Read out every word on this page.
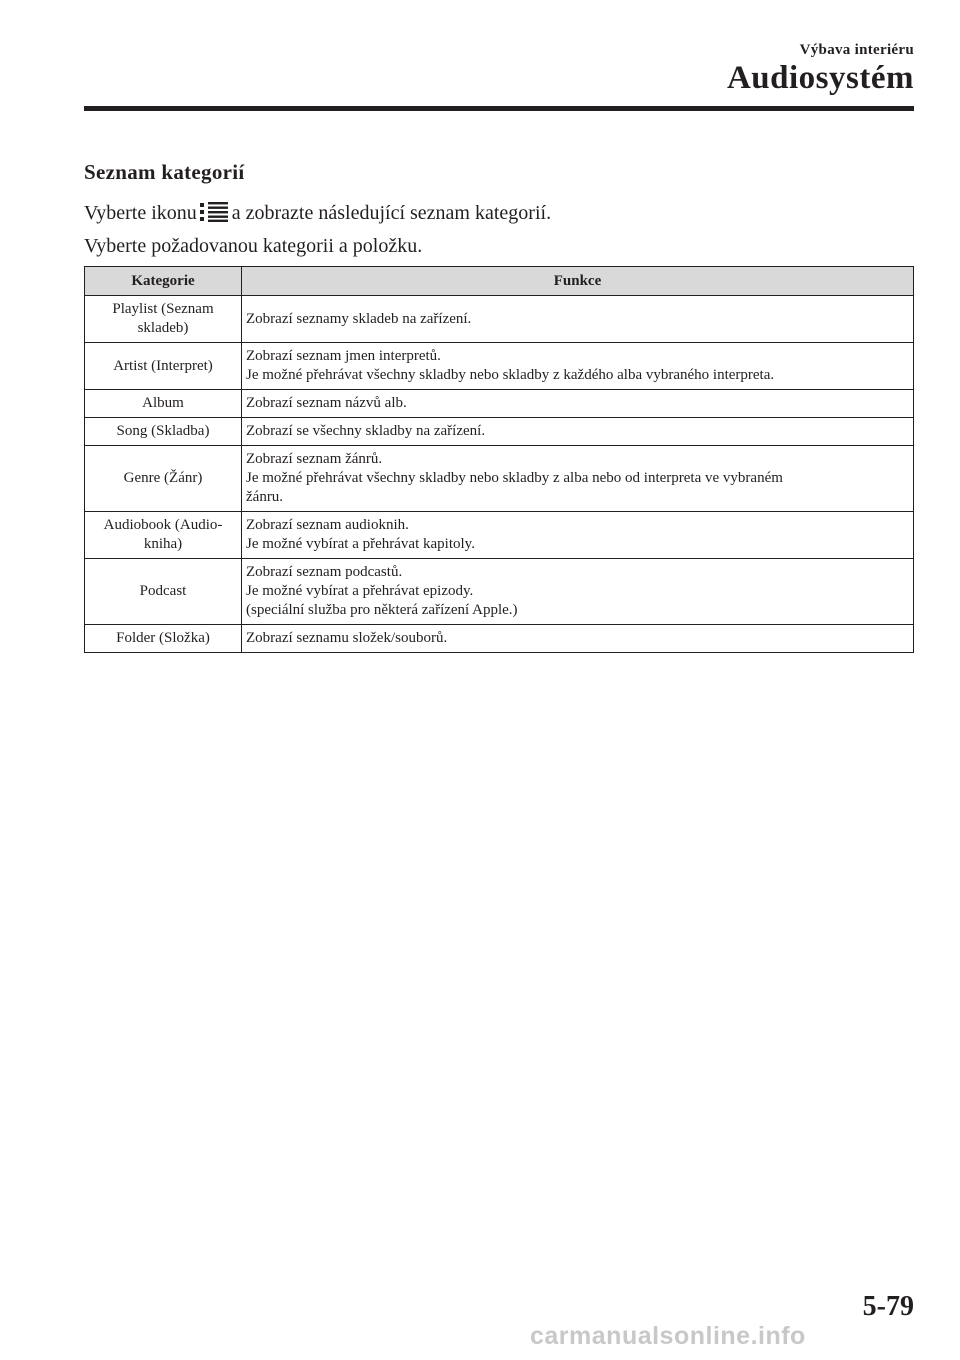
Výbava interiéru
Audiosystém
Seznam kategorií

Vyberte ikonu a zobrazte následující seznam kategorií.

Vyberte požadovanou kategorii a položku.

Kategorie	Funkce

Playlist (Seznam
skladeb)	Zobrazí seznamy skladeb na zařízení.

Artist (Interpret)	Zobrazí seznam jmen interpretů.
Je možné přehrávat všechny skladby nebo skladby z každého alba vybraného interpreta.

Album	Zobrazí seznam názvů alb.

Song (Skladba)	Zobrazí se všechny skladby na zařízení.

Genre (Žánr)	Zobrazí seznam žánrů.
Je možné přehrávat všechny skladby nebo skladby z alba nebo od interpreta ve vybraném
žánru.

Audiobook (Audio-
kniha)	Zobrazí seznam audioknih.
Je možné vybírat a přehrávat kapitoly.

Podcast	Zobrazí seznam podcastů.
Je možné vybírat a přehrávat epizody.
(speciální služba pro některá zařízení Apple.)

Folder (Složka)	Zobrazí seznamu složek/souborů.
5-79
carmanualsonline.info
